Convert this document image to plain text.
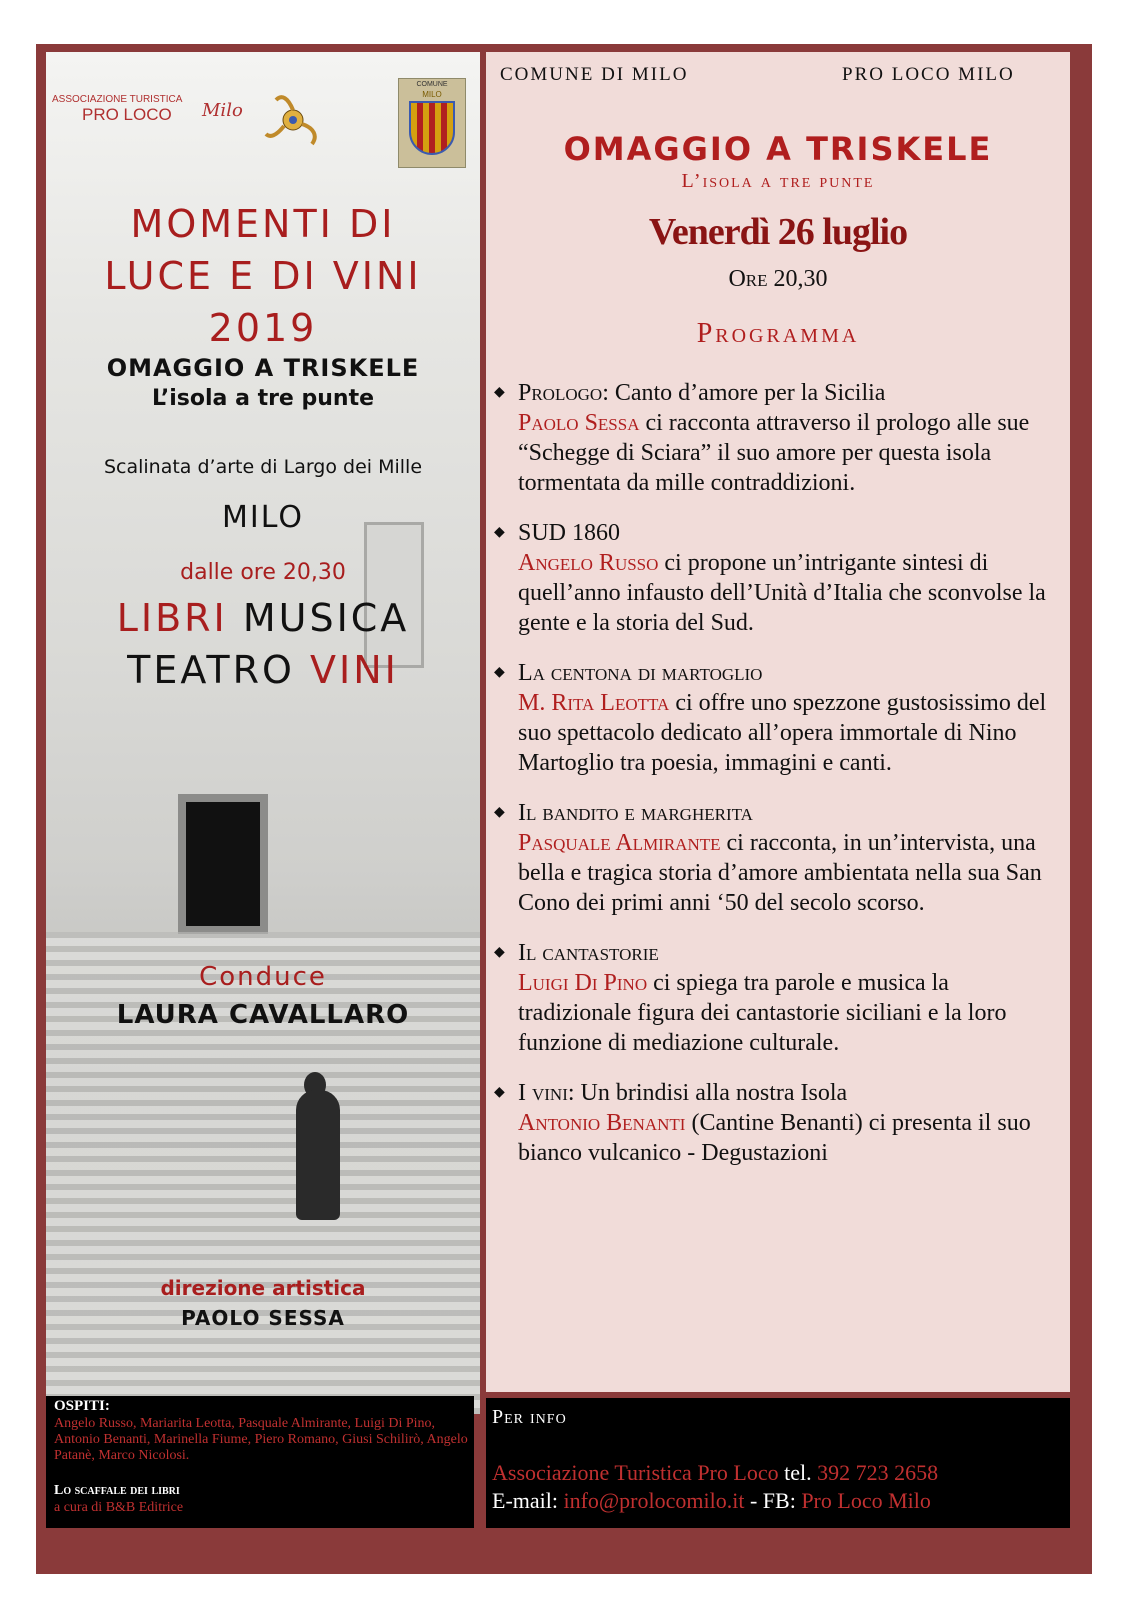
ASSOCIAZIONE TURISTICA
PRO LOCO	Milo
COMUNE
MILO
MOMENTI DI
LUCE E DI VINI
2019
OMAGGIO A TRISKELE
L’isola a tre punte
Scalinata d’arte di Largo dei Mille
MILO
dalle ore 20,30
LIBRI MUSICA
TEATRO VINI
Conduce
LAURA CAVALLARO
direzione artistica
PAOLO SESSA
OSPITI:
Angelo Russo, Mariarita Leotta, Pasquale Almirante, Luigi Di Pino, Antonio Benanti, Marinella Fiume, Piero Romano, Giusi Schilirò, Angelo Patanè, Marco Nicolosi.
Lo scaffale dei libri
a cura di B&B Editrice
COMUNE DI MILO	PRO LOCO MILO
OMAGGIO A TRISKELE
L’isola a tre punte
Venerdì 26 luglio
Ore 20,30
Programma
◆ Prologo: Canto d’amore per la Sicilia
Paolo Sessa ci racconta attraverso il prologo alle sue “Schegge di Sciara” il suo amore per questa isola tormentata da mille contraddizioni.
◆ SUD 1860
Angelo Russo ci propone un’intrigante sintesi di quell’anno infausto dell’Unità d’Italia che sconvolse la gente e la storia del Sud.
◆ La centona di martoglio
M. Rita Leotta ci offre uno spezzone gustosissimo del suo spettacolo dedicato all’opera immortale di Nino Martoglio tra poesia, immagini e canti.
◆ Il bandito e margherita
Pasquale Almirante ci racconta, in un’intervista, una bella e tragica storia d’amore ambientata nella sua San Cono dei primi anni ‘50 del secolo scorso.
◆ Il cantastorie
Luigi Di Pino ci spiega tra parole e musica la tradizionale figura dei cantastorie siciliani e la loro funzione di mediazione culturale.
◆ I vini: Un brindisi alla nostra Isola
Antonio Benanti (Cantine Benanti) ci presenta il suo bianco vulcanico - Degustazioni
Per info
Associazione Turistica Pro Loco tel. 392 723 2658
E-mail: info@prolocomilo.it - FB: Pro Loco Milo
